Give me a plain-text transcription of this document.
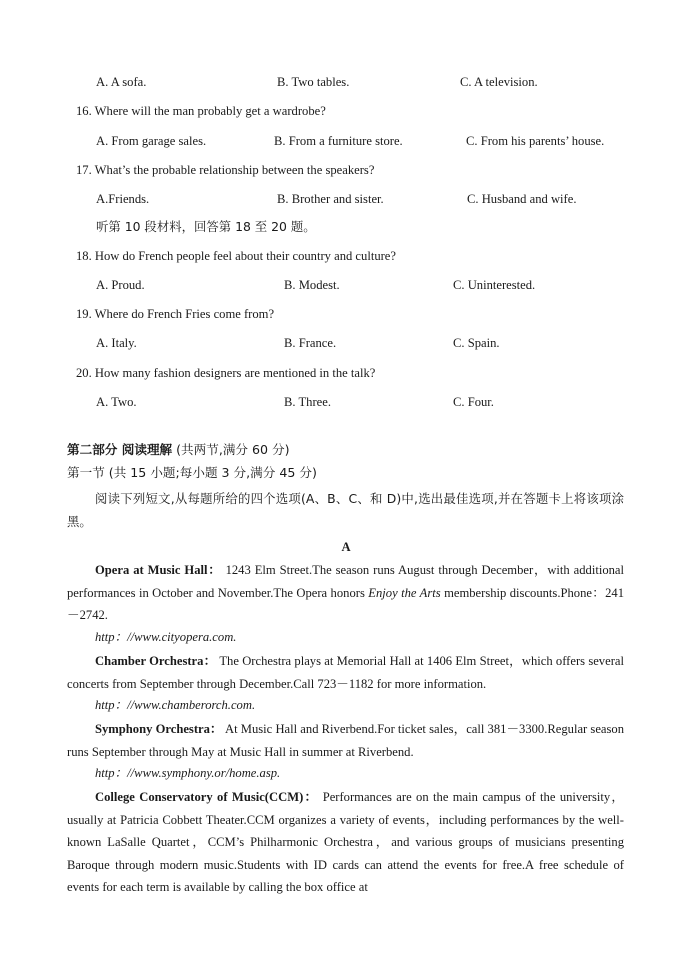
A. A sofa.	B. Two tables.	C. A television.
16. Where will the man probably get a wardrobe?
A. From garage sales.	B. From a furniture store.	C. From his parents’ house.
17. What’s the probable relationship between the speakers?
A.Friends.	B. Brother and sister.	C. Husband and wife.
听第 10 段材料，回答第 18 至 20 题。
18. How do French people feel about their country and culture?
A. Proud.	B. Modest.	C. Uninterested.
19. Where do French Fries come from?
A. Italy.	B. France.	C. Spain.
20. How many fashion designers are mentioned in the talk?
A. Two.	B. Three.	C. Four.
第二部分 阅读理解 (共两节,满分 60 分)
第一节 (共 15 小题;每小题 3 分,满分 45 分)
阅读下列短文,从每题所给的四个选项(A、B、C、和 D)中,选出最佳选项,并在答题卡上将该项涂黑。
A
Opera at Music Hall： 1243 Elm Street.The season runs August through December，with additional performances in October and November.The Opera honors Enjoy the Arts membership discounts.Phone：241－2742.
http：//www.cityopera.com.
Chamber Orchestra： The Orchestra plays at Memorial Hall at 1406 Elm Street，which offers several concerts from September through December.Call 723－1182 for more information.
http：//www.chamberorch.com.
Symphony Orchestra： At Music Hall and Riverbend.For ticket sales，call 381－3300.Regular season runs September through May at Music Hall in summer at Riverbend.
http：//www.symphony.or/home.asp.
College Conservatory of Music(CCM)： Performances are on the main campus of the university，usually at Patricia Cobbett Theater.CCM organizes a variety of events，including performances by the well-known LaSalle Quartet，CCM’s Philharmonic Orchestra，and various groups of musicians presenting Baroque through modern music.Students with ID cards can attend the events for free.A free schedule of events for each term is available by calling the box office at
